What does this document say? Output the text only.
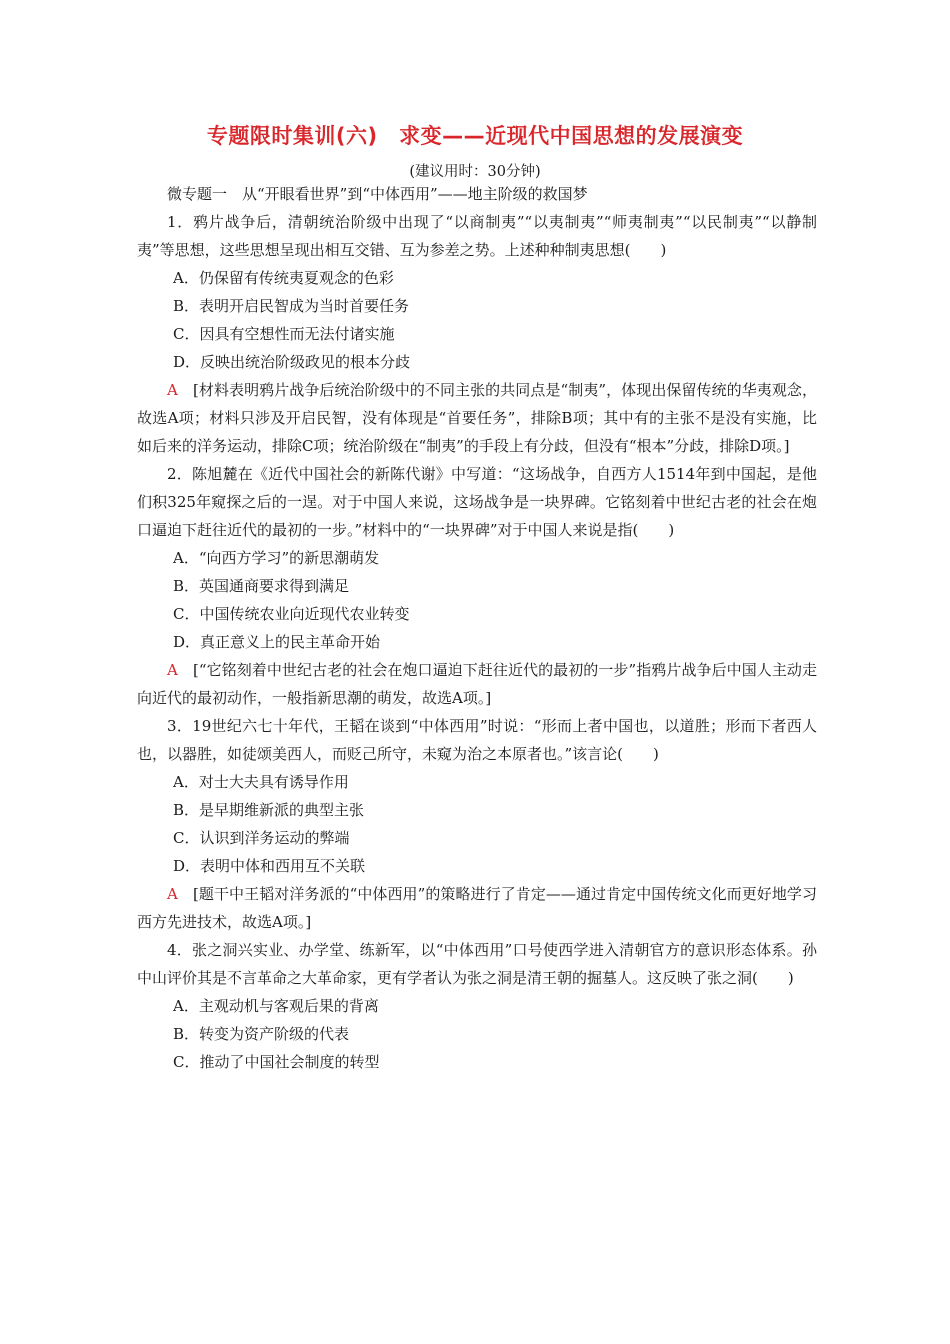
专题限时集训(六)　求变——近现代中国思想的发展演变
(建议用时：30分钟)

微专题一　从“开眼看世界”到“中体西用”——地主阶级的救国梦

1．鸦片战争后，清朝统治阶级中出现了“以商制夷”“以夷制夷”“师夷制夷”“以民制夷”“以静制夷”等思想，这些思想呈现出相互交错、互为参差之势。上述种种制夷思想(　　)

A．仍保留有传统夷夏观念的色彩

B．表明开启民智成为当时首要任务

C．因具有空想性而无法付诸实施

D．反映出统治阶级政见的根本分歧

A　[材料表明鸦片战争后统治阶级中的不同主张的共同点是“制夷”，体现出保留传统的华夷观念，故选A项；材料只涉及开启民智，没有体现是“首要任务”，排除B项；其中有的主张不是没有实施，比如后来的洋务运动，排除C项；统治阶级在“制夷”的手段上有分歧，但没有“根本”分歧，排除D项。]

2．陈旭麓在《近代中国社会的新陈代谢》中写道：“这场战争，自西方人1514年到中国起，是他们积325年窥探之后的一逞。对于中国人来说，这场战争是一块界碑。它铭刻着中世纪古老的社会在炮口逼迫下赶往近代的最初的一步。”材料中的“一块界碑”对于中国人来说是指(　　)

A．“向西方学习”的新思潮萌发

B．英国通商要求得到满足

C．中国传统农业向近现代农业转变

D．真正意义上的民主革命开始

A　[“它铭刻着中世纪古老的社会在炮口逼迫下赶往近代的最初的一步”指鸦片战争后中国人主动走向近代的最初动作，一般指新思潮的萌发，故选A项。]

3．19世纪六七十年代，王韬在谈到“中体西用”时说：“形而上者中国也，以道胜；形而下者西人也，以器胜，如徒颂美西人，而贬己所守，未窥为治之本原者也。”该言论(　　)

A．对士大夫具有诱导作用

B．是早期维新派的典型主张

C．认识到洋务运动的弊端

D．表明中体和西用互不关联

A　[题干中王韬对洋务派的“中体西用”的策略进行了肯定——通过肯定中国传统文化而更好地学习西方先进技术，故选A项。]

4．张之洞兴实业、办学堂、练新军，以“中体西用”口号使西学进入清朝官方的意识形态体系。孙中山评价其是不言革命之大革命家，更有学者认为张之洞是清王朝的掘墓人。这反映了张之洞(　　)

A．主观动机与客观后果的背离

B．转变为资产阶级的代表

C．推动了中国社会制度的转型
